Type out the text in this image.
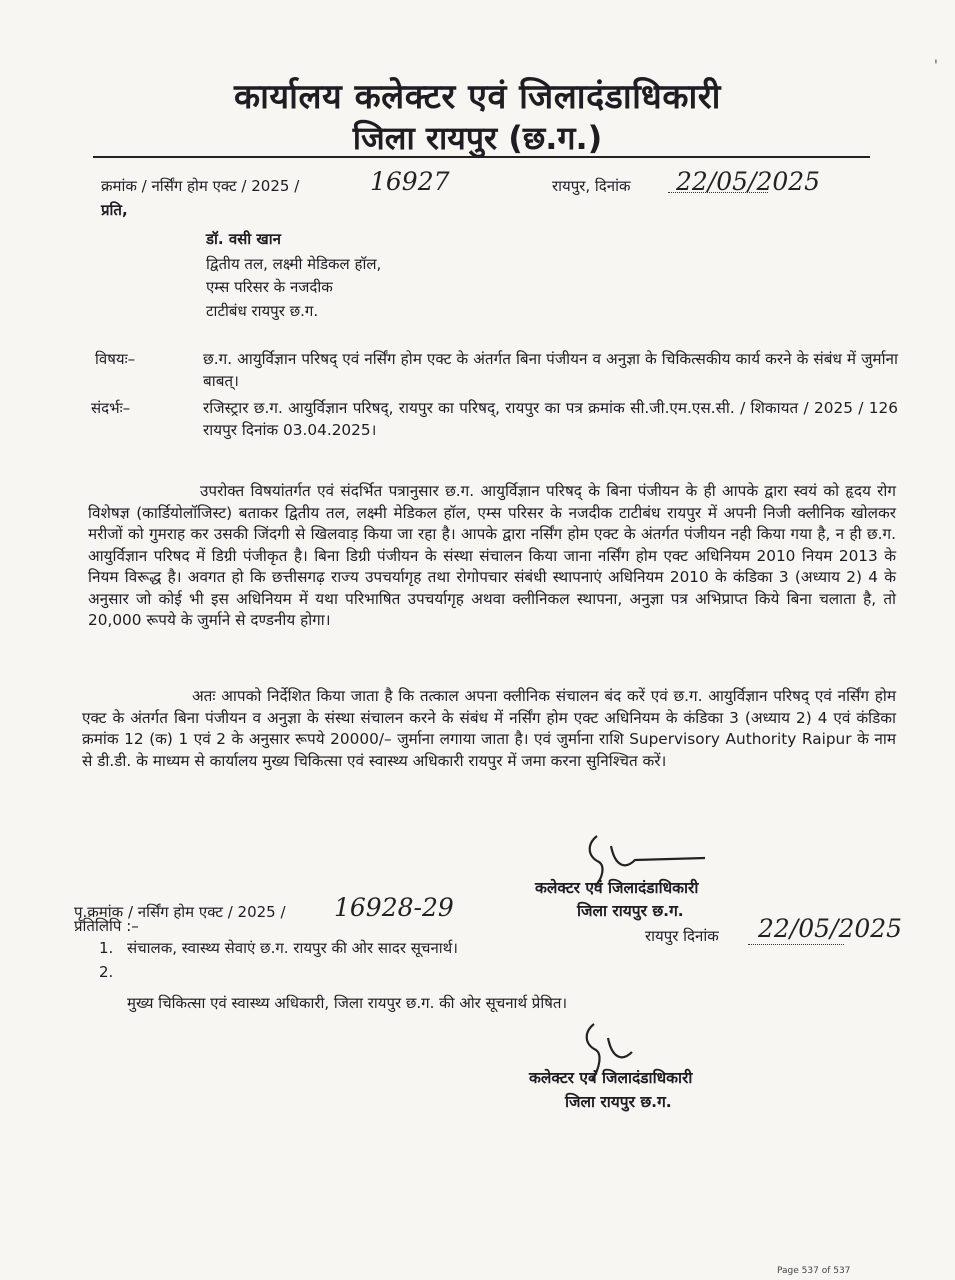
कार्यालय कलेक्टर एवं जिलादंडाधिकारी
जिला रायपुर (छ.ग.)
'
क्रमांक / नर्सिंग होम एक्ट / 2025 /	16927	रायपुर, दिनांक 22/05/2025
प्रति,
डॉ. वसी खान
द्वितीय तल, लक्ष्मी मेडिकल हॉल,
एम्स परिसर के नजदीक
टाटीबंध रायपुर छ.ग.
विषयः–	छ.ग. आयुर्विज्ञान परिषद् एवं नर्सिंग होम एक्ट के अंतर्गत बिना पंजीयन व अनुज्ञा के चिकित्सकीय कार्य करने के संबंध में जुर्माना बाबत्।
संदर्भः–	रजिस्ट्रार छ.ग. आयुर्विज्ञान परिषद्, रायपुर का परिषद्, रायपुर का पत्र क्रमांक सी.जी.एम.एस.सी. / शिकायत / 2025 / 126 रायपुर दिनांक 03.04.2025।
उपरोक्त विषयांतर्गत एवं संदर्भित पत्रानुसार छ.ग. आयुर्विज्ञान परिषद् के बिना पंजीयन के ही आपके द्वारा स्वयं को हृदय रोग विशेषज्ञ (कार्डियोलॉजिस्ट) बताकर द्वितीय तल, लक्ष्मी मेडिकल हॉल, एम्स परिसर के नजदीक टाटीबंध रायपुर में अपनी निजी क्लीनिक खोलकर मरीजों को गुमराह कर उसकी जिंदगी से खिलवाड़ किया जा रहा है। आपके द्वारा नर्सिंग होम एक्ट के अंतर्गत पंजीयन नही किया गया है, न ही छ.ग. आयुर्विज्ञान परिषद में डिग्री पंजीकृत है। बिना डिग्री पंजीयन के संस्था संचालन किया जाना नर्सिंग होम एक्ट अधिनियम 2010 नियम 2013 के नियम विरूद्ध है। अवगत हो कि छत्तीसगढ़ राज्य उपचर्यागृह तथा रोगोपचार संबंधी स्थापनाएं अधिनियम 2010 के कंडिका 3 (अध्याय 2) 4 के अनुसार जो कोई भी इस अधिनियम में यथा परिभाषित उपचर्यागृह अथवा क्लीनिकल स्थापना, अनुज्ञा पत्र अभिप्राप्त किये बिना चलाता है, तो 20,000 रूपये के जुर्माने से दण्डनीय होगा।
अतः आपको निर्देशित किया जाता है कि तत्काल अपना क्लीनिक संचालन बंद करें एवं छ.ग. आयुर्विज्ञान परिषद् एवं नर्सिंग होम एक्ट के अंतर्गत बिना पंजीयन व अनुज्ञा के संस्था संचालन करने के संबंध में नर्सिंग होम एक्ट अधिनियम के कंडिका 3 (अध्याय 2) 4 एवं कंडिका क्रमांक 12 (क) 1 एवं 2 के अनुसार रूपये 20000/– जुर्माना लगाया जाता है। एवं जुर्माना राशि Supervisory Authority Raipur के नाम से डी.डी. के माध्यम से कार्यालय मुख्य चिकित्सा एवं स्वास्थ्य अधिकारी रायपुर में जमा करना सुनिश्चित करें।
कलेक्टर एवं जिलादंडाधिकारी
जिला रायपुर छ.ग.
पृ.क्रमांक / नर्सिंग होम एक्ट / 2025 / 16928-29
रायपुर दिनांक 22/05/2025
प्रतिलिपि :–
1. संचालक, स्वास्थ्य सेवाएं छ.ग. रायपुर की ओर सादर सूचनार्थ।
2.
मुख्य चिकित्सा एवं स्वास्थ्य अधिकारी, जिला रायपुर छ.ग. की ओर सूचनार्थ प्रेषित।
कलेक्टर एवं जिलादंडाधिकारी
जिला रायपुर छ.ग.
Page 537 of 537
